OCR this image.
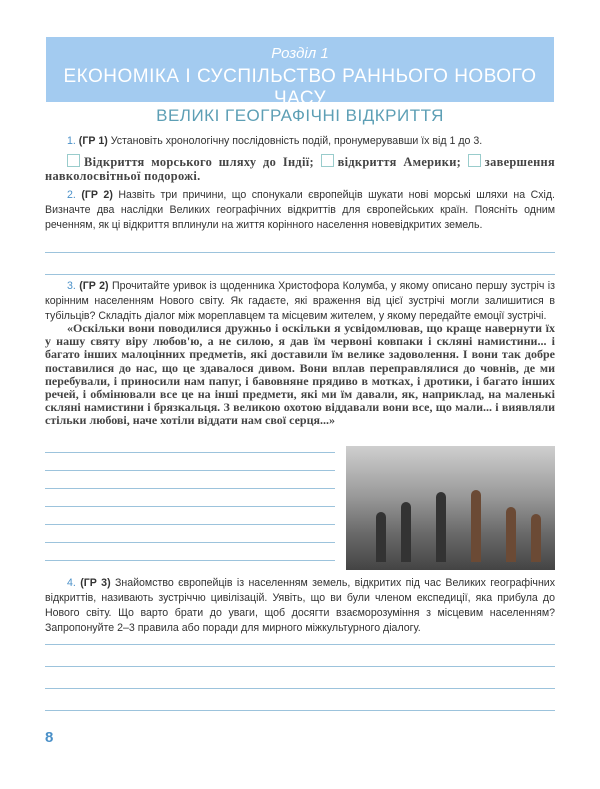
Розділ 1
ЕКОНОМІКА І СУСПІЛЬСТВО РАННЬОГО НОВОГО ЧАСУ
ВЕЛИКІ ГЕОГРАФІЧНІ ВІДКРИТТЯ
1. (ГР 1) Установіть хронологічну послідовність подій, пронумерувавши їх від 1 до 3.
Відкриття морського шляху до Індії; відкриття Америки; завершення навколосвітньої подорожі.
2. (ГР 2) Назвіть три причини, що спонукали європейців шукати нові морські шляхи на Схід. Визначте два наслідки Великих географічних відкриттів для європейських країн. Поясніть одним реченням, як ці відкриття вплинули на життя корінного населення новевідкритих земель.
3. (ГР 2) Прочитайте уривок із щоденника Христофора Колумба, у якому описано першу зустріч із корінним населенням Нового світу. Як гадаєте, які враження від цієї зустрічі могли залишитися в тубільців? Складіть діалог між мореплавцем та місцевим жителем, у якому передайте емоції зустрічі.
«Оскільки вони поводилися дружньо і оскільки я усвідомлював, що краще навернути їх у нашу святу віру любов'ю, а не силою, я дав їм червоні ковпаки і скляні намистини... і багато інших малоцінних предметів, які доставили їм велике задоволення. І вони так добре поставилися до нас, що це здавалося дивом. Вони вплав перепpавлялися до човнів, де ми перебували, і приносили нам папуг, і бавовняне прядиво в мотках, і дротики, і багато інших речей, і обмінювали все це на інші предмети, які ми їм давали, як, наприклад, на маленькі скляні намистини і брязкальця. З великою охотою віддавали вони все, що мали... і виявляли стільки любові, наче хотіли віддати нам свої серця...»
4. (ГР 3) Знайомство європейців із населенням земель, відкритих під час Великих географічних відкриттів, називають зустріччю цивілізацій. Уявіть, що ви були членом експедиції, яка прибула до Нового світу. Що варто брати до уваги, щоб досягти взаєморозуміння з місцевим населенням? Запропонуйте 2–3 правила або поради для мирного міжкультурного діалогу.
8
